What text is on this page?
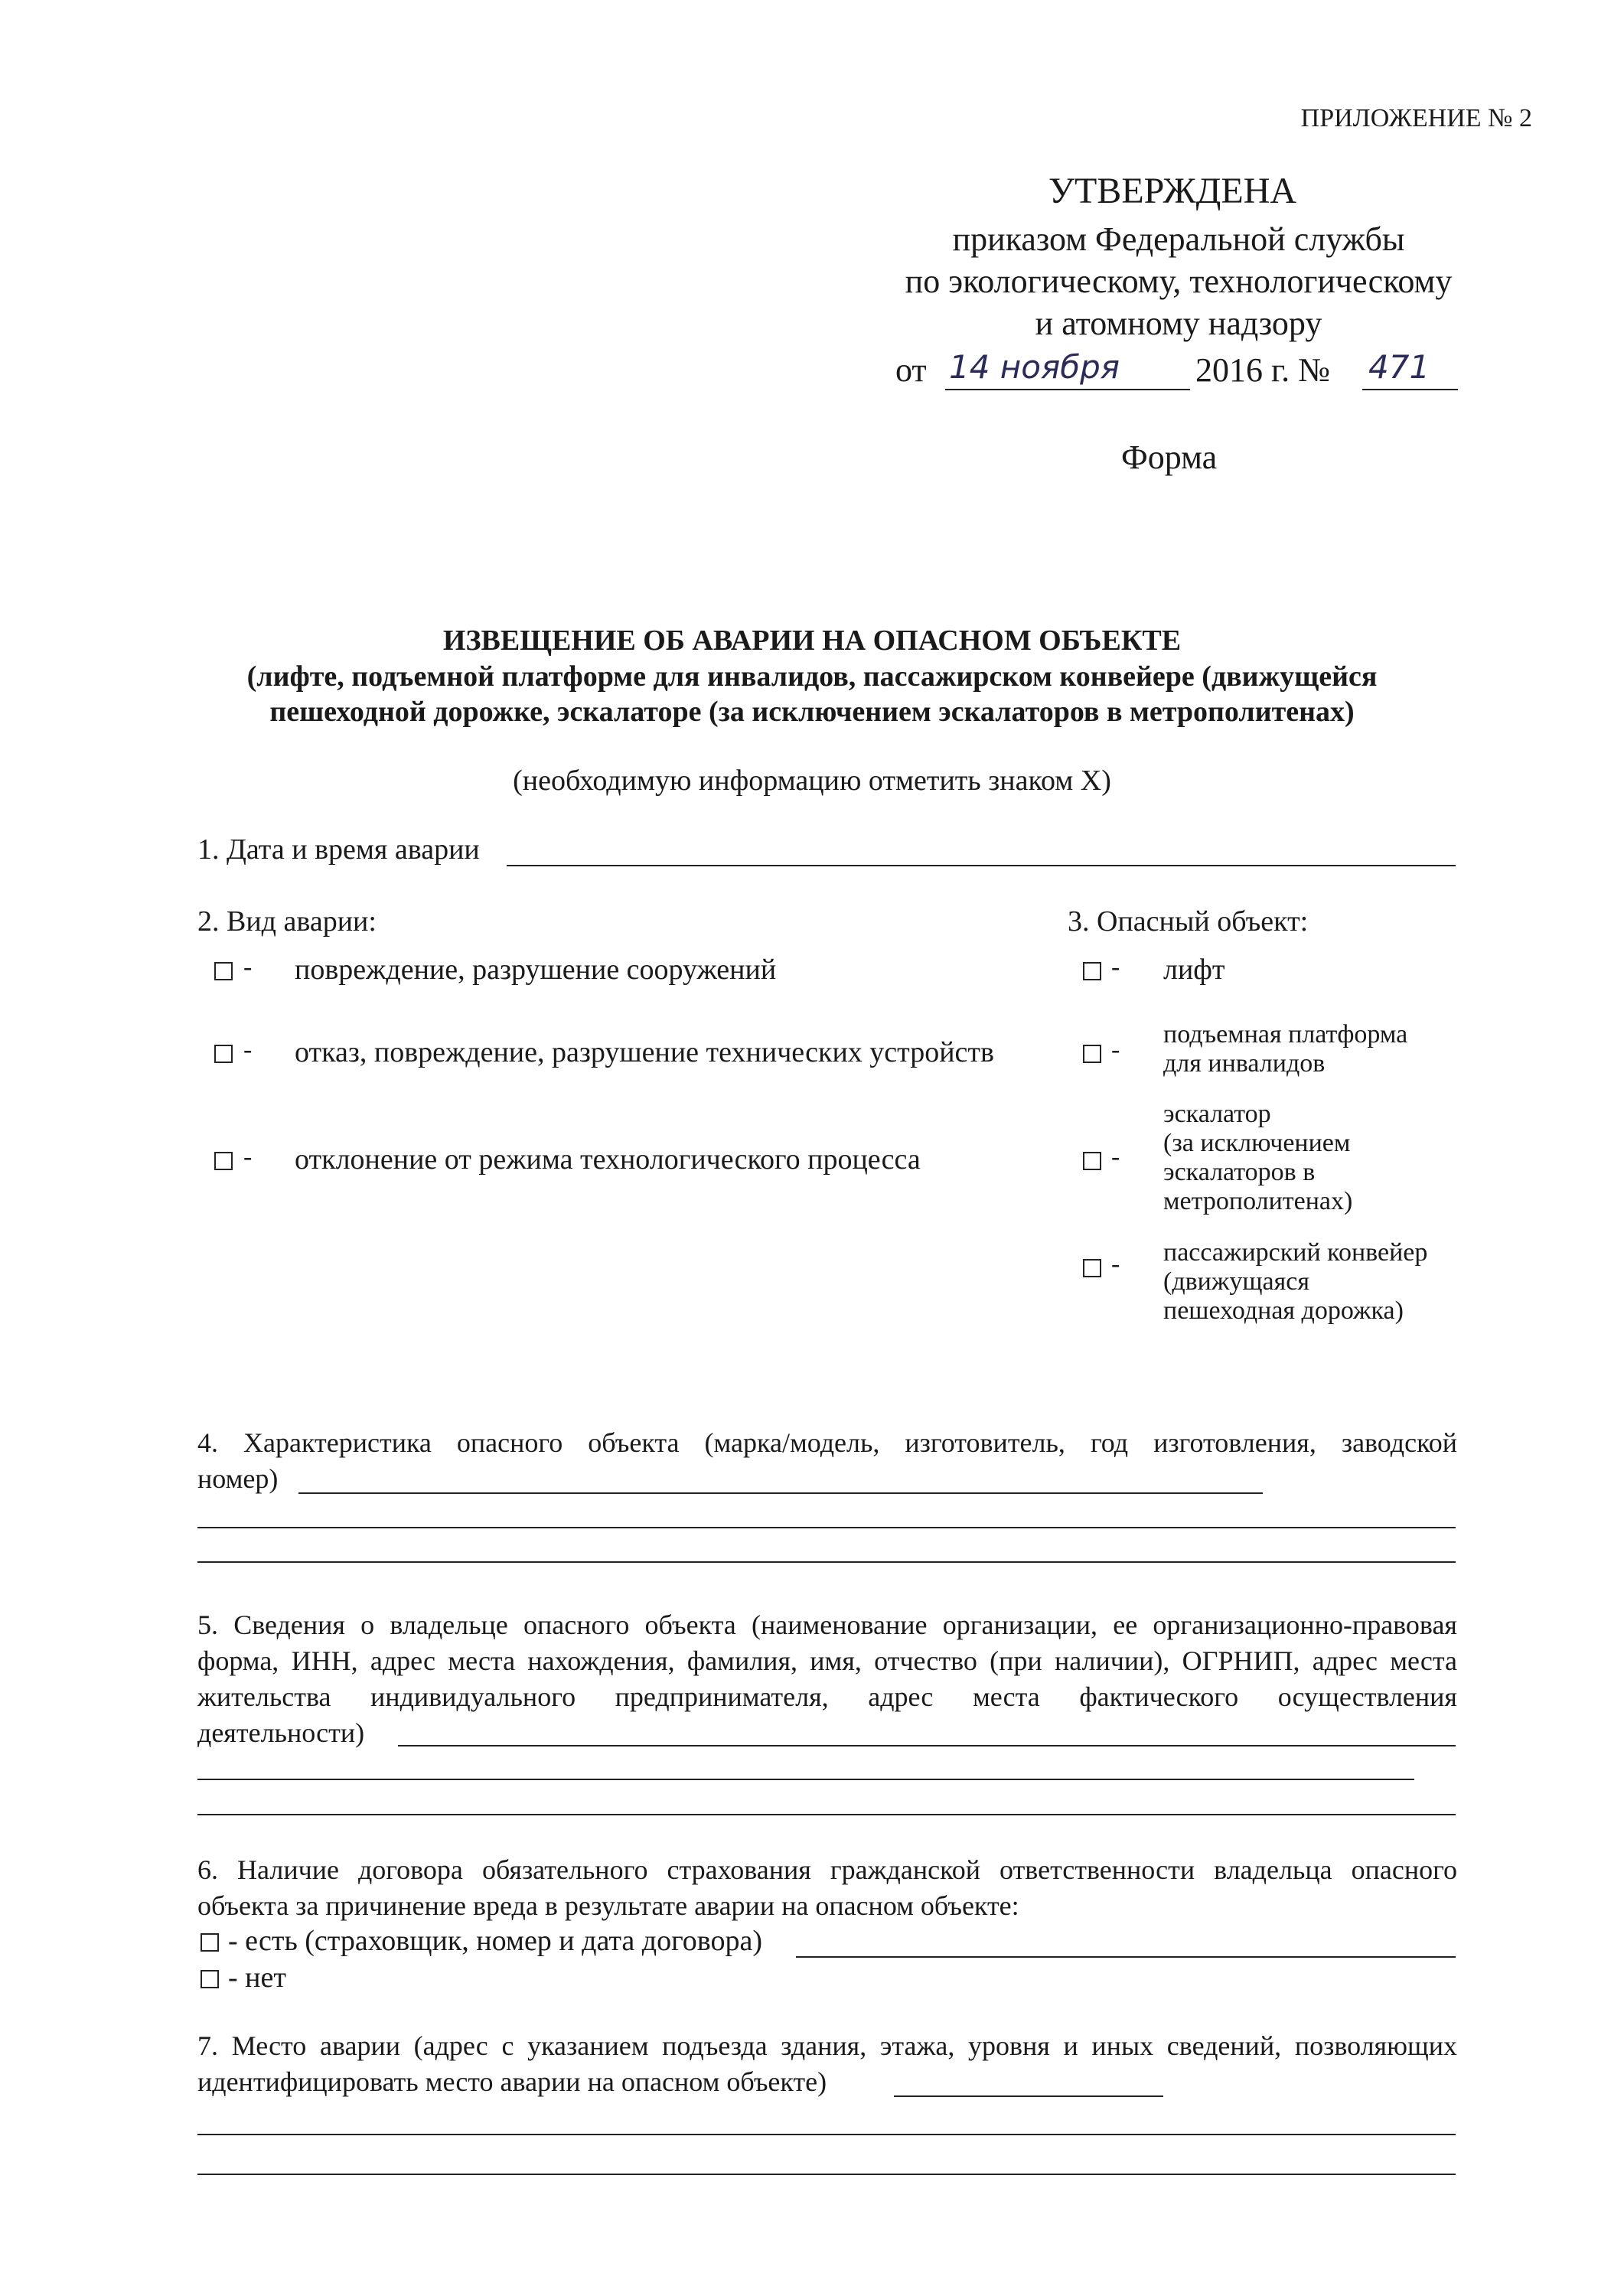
ПРИЛОЖЕНИЕ № 2
УТВЕРЖДЕНА
приказом Федеральной службы
по экологическому, технологическому
и атомному надзору
от 14 ноября 2016 г. № 471
Форма
ИЗВЕЩЕНИЕ ОБ АВАРИИ НА ОПАСНОМ ОБЪЕКТЕ
(лифте, подъемной платформе для инвалидов, пассажирском конвейере (движущейся
пешеходной дорожке, эскалаторе (за исключением эскалаторов в метрополитенах)
(необходимую информацию отметить знаком X)
1. Дата и время аварии
2. Вид аварии:
- повреждение, разрушение сооружений
- отказ, повреждение, разрушение технических устройств
- отклонение от режима технологического процесса
3. Опасный объект:
- лифт
-
подъемная платформа
для инвалидов
-
эскалатор
(за исключением
эскалаторов в
метрополитенах)
- пассажирский конвейер
(движущаяся
пешеходная дорожка)
4. Характеристика опасного объекта (марка/модель, изготовитель, год изготовления, заводской
номер)
5. Сведения о владельце опасного объекта (наименование организации, ее организационно-правовая
форма, ИНН, адрес места нахождения, фамилия, имя, отчество (при наличии), ОГРНИП, адрес места
жительства индивидуального предпринимателя, адрес места фактического осуществления
деятельности)
6. Наличие договора обязательного страхования гражданской ответственности владельца опасного
объекта за причинение вреда в результате аварии на опасном объекте:
- есть (страховщик, номер и дата договора)
- нет
7. Место аварии (адрес с указанием подъезда здания, этажа, уровня и иных сведений, позволяющих
идентифицировать место аварии на опасном объекте)
